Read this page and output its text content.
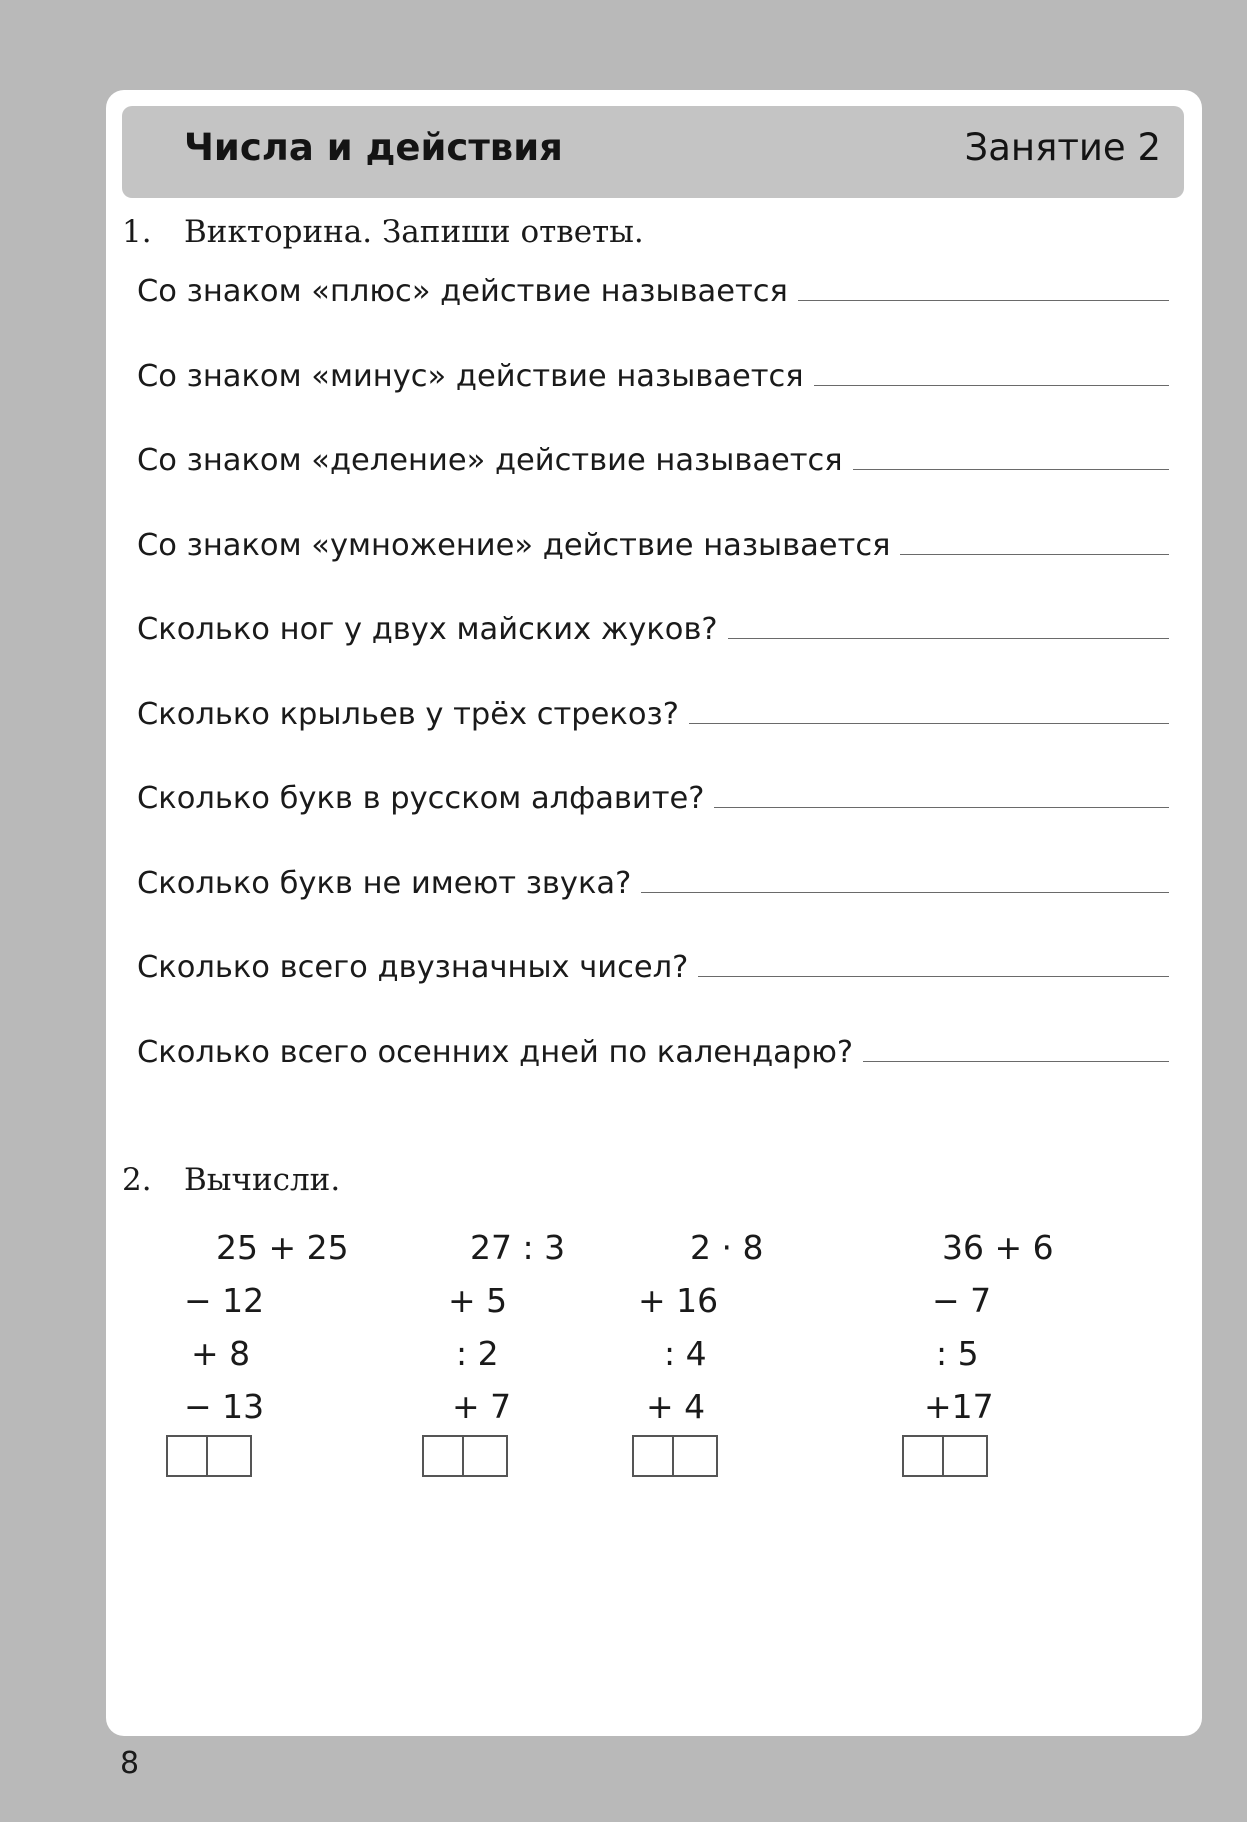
Числа и действия	Занятие 2
1. Викторина. Запиши ответы.
Со знаком «плюс» действие называется
Со знаком «минус» действие называется
Со знаком «деление» действие называется
Со знаком «умножение» действие называется
Сколько ног у двух майских жуков?
Сколько крыльев у трёх стрекоз?
Сколько букв в русском алфавите?
Сколько букв не имеют звука?
Сколько всего двузначных чисел?
Сколько всего осенних дней по календарю?
2. Вычисли.
25 + 25
− 12
+ 8
− 13
27 : 3
+ 5
: 2
+ 7
2 · 8
+ 16
: 4
+ 4
36 + 6
− 7
: 5
+17
8
